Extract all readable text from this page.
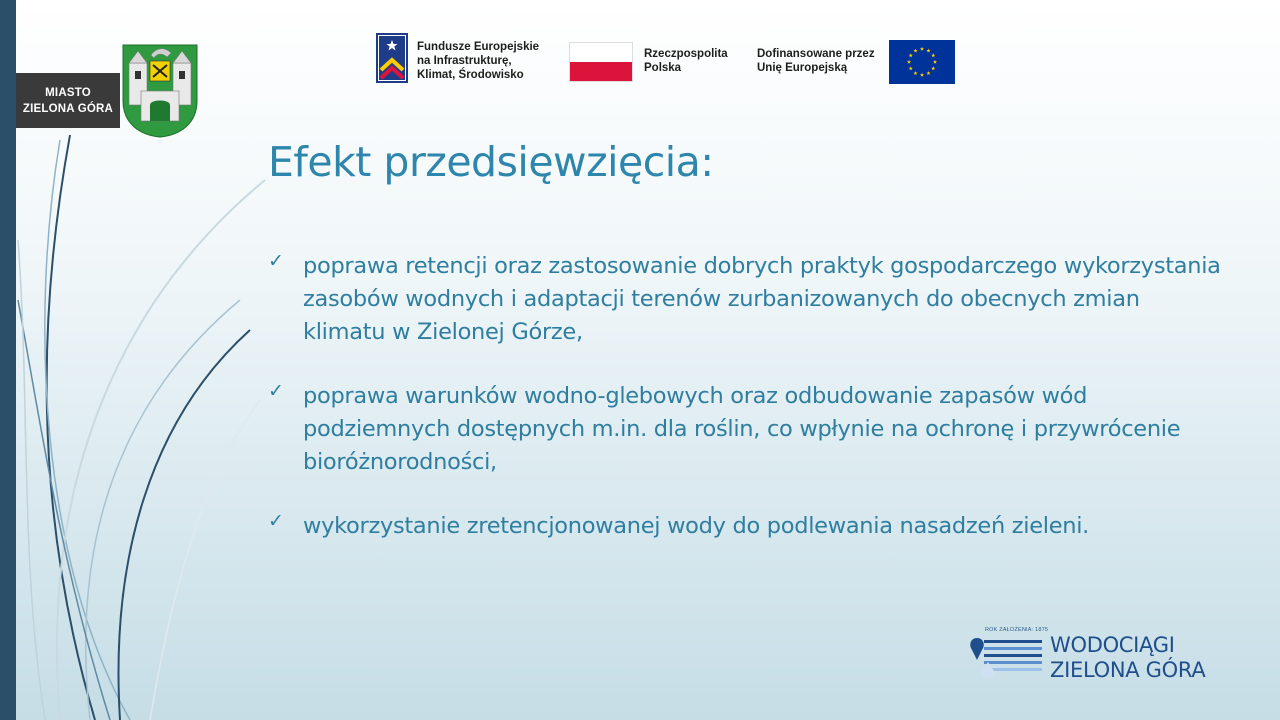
MIASTO
ZIELONA GÓRA
Fundusze Europejskie
na Infrastrukturę,
Klimat, Środowisko
Rzeczpospolita
Polska
Dofinansowane przez
Unię Europejską
Efekt przedsięwzięcia:
✓ poprawa retencji oraz zastosowanie dobrych praktyk gospodarczego wykorzystania zasobów wodnych i adaptacji terenów zurbanizowanych do obecnych zmian klimatu w Zielonej Górze,
✓ poprawa warunków wodno-glebowych oraz odbudowanie zapasów wód podziemnych dostępnych m.in. dla roślin, co wpłynie na ochronę i przywrócenie bioróżnorodności,
✓ wykorzystanie zretencjonowanej wody do podlewania nasadzeń zieleni.
ROK ZAŁOŻENIA: 1875
WODOCIĄGI
ZIELONA GÓRA
